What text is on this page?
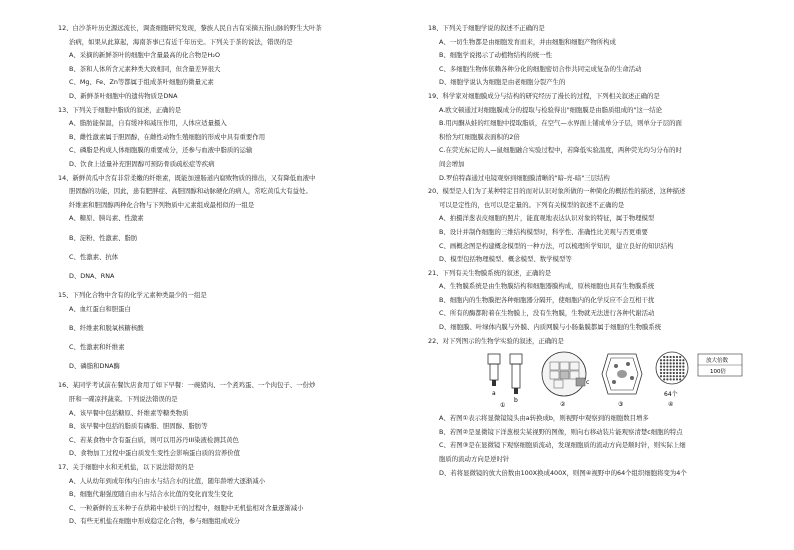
12、白沙茶叶历史源远流长，调查细胞研究发现，黎族人民自古有采摘五指山脉的野生大叶茶
治病，如果从此算起，海南茶事已有近千年历史。下列关于茶的说法，错误的是
A、采摘的新鲜茶叶的细胞中含量最高的化合物是H₂O
B、茶和人体所含元素种类大致相同，但含量差异很大
C、Mg、Fe、Zn等都属于组成茶叶细胞的微量元素
D、新鲜茶叶细胞中的遗传物质是DNA
13、下列关于细胞中脂质的叙述，正确的是
A、脂肪能保温，自有缓冲和减压作用，人体应适量摄入
B、雌性激素属于胆固醇，在雌性动物生殖细胞的形成中具有重要作用
C、磷脂是构成人体细胞膜的重要成分，还参与血液中脂质的运输
D、饮食上适量补充胆固醇可预防骨质疏松症等疾病
14、新鲜黄瓜中含有非常柔嫩的纤维素，既能加速肠道内腐败物质的排出，又有降低血液中
胆固醇的功能，因此，患有肥胖症、高胆固醇和动脉硬化的病人，常吃黄瓜大有益处。
纤维素和胆固醇两种化合物与下列物质中元素组成最相似的一组是
A、糖原、胰岛素、性激素B、淀粉、性激素、脂肪C、性激素、抗体D、DNA、RNA
15、下列化合物中含有的化学元素种类最少的一组是
A、血红蛋白和胆蛋白B、纤维素和脱氧核糖核酸C、性激素和纤维素D、磷脂和DNA酶
16、某同学考试前在餐饮店食用了如下早餐：一碗猪肉、一个煮鸡蛋、一个肉包子、一份炒
肝和一碟凉拌蔬菜。下列说法错误的是
A、该早餐中包括糖原、纤维素等糖类物质
B、该早餐中包括的脂质有磷脂、胆固醇、脂肪等
C、若某食物中含有蛋白质，则可以用苏丹III染液检测其黄色
D、食物加工过程中蛋白质发生变性会影响蛋白质的营养价值
17、关于细胞中水和无机盐，以下说法错误的是
A、人从幼年到成年体内自由水与结合水的比值，随年龄增大逐渐减小
B、细胞代谢强度随自由水与结合水比值的变化而发生变化
C、一粒新鲜的玉米种子在烘箱中被烘干的过程中，细胞中无机盐相对含量逐渐减小
D、有些无机盐在细胞中形成稳定化合物，参与细胞组成成分
18、下列关于细胞学说的叙述不正确的是
A、一切生物都是由细胞发育而来，并由细胞和细胞产物所构成
B、细胞学说揭示了动植物结构的统一性
C、多细胞生物体依赖各种分化的细胞密切合作共同完成复杂的生命活动
D、细胞学说认为细胞是由老细胞分裂产生的
19、科学家对细胞膜成分与结构的研究经历了漫长的过程，下列相关叙述正确的是
A.欧文顿通过对细胞膜成分的提取与检验得出"细胞膜是由脂质组成的"这一结论
B.用丙酮从蛙的红细胞中提取脂质，在空气—水界面上铺成单分子层，则单分子层的面
积恰为红细胞膜表面积的2倍
C.在荧光标记的人—鼠细胞融合实验过程中，若降低实验温度，两种荧光均匀分布的时
间会增加
D.罗伯特森通过电镜观察到细胞膜清晰的"暗-亮-暗"三层结构
20、模型是人们为了某种特定目的而对认识对象所做的一种简化的概括性的描述，这种描述
可以是定性的，也可以是定量的。下列有关模型的叙述不正确的是
A、拍摄洋葱表皮细胞的照片，能直观地表达认识对象的特征，属于物理模型
B、设计并制作细胞的三维结构模型时，科学性、准确性比美观与否更重要
C、画概念图是构建概念模型的一种方法，可以梳理所学知识，建立良好的知识结构
D、模型包括物理模型、概念模型、数学模型等
21、下列有关生物膜系统的叙述，正确的是
A、生物膜系统是由生物膜结构和细胞器膜构成，原核细胞也具有生物膜系统
B、细胞内的生物膜把各种细胞器分隔开，使细胞内的化学反应不会互相干扰
C、所有的酶都附着在生物膜上，没有生物膜，生物就无法进行各种代谢活动
D、细胞膜、叶绿体内膜与外膜、内质网膜与小肠黏膜都属于细胞的生物膜系统
22、对下列图示的生物学实验的叙述，正确的是
a
b
①
c
②	③
64个
④
放大倍数
100倍
A、若图①表示将显微镜镜头由a转换成b，则视野中观察到的细胞数目增多
B、若图②是显微镜下洋葱根尖某视野的图像，则向右移动装片能观察清楚c细胞的特点
C、若图③是在显微镜下观察细胞质流动，发现细胞质的流动方向是顺时针，则实际上细
胞质的流动方向是逆时针
D、若将显微镜的放大倍数由100X换成400X，则图④视野中的64个组织细胞将变为4个
